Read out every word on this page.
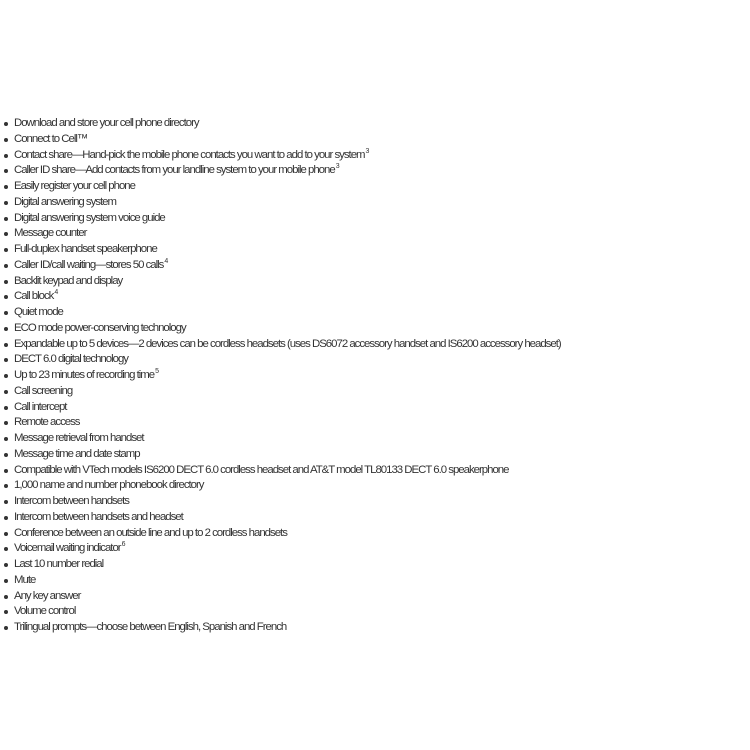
Download and store your cell phone directory
Connect to Cell™
Contact share—Hand-pick the mobile phone contacts you want to add to your system$^3$
Caller ID share—Add contacts from your landline system to your mobile phone$^3$
Easily register your cell phone
Digital answering system
Digital answering system voice guide
Message counter
Full-duplex handset speakerphone
Caller ID/call waiting—stores 50 calls$^4$
Backlit keypad and display
Call block$^4$
Quiet mode
ECO mode power-conserving technology
Expandable up to 5 devices—2 devices can be cordless headsets (uses DS6072 accessory handset and IS6200 accessory headset)
DECT 6.0 digital technology
Up to 23 minutes of recording time$^5$
Call screening
Call intercept
Remote access
Message retrieval from handset
Message time and date stamp
Compatible with VTech models IS6200 DECT 6.0 cordless headset and AT&T model TL80133 DECT 6.0 speakerphone
1,000 name and number phonebook directory
Intercom between handsets
Intercom between handsets and headset
Conference between an outside line and up to 2 cordless handsets
Voicemail waiting indicator$^6$
Last 10 number redial
Mute
Any key answer
Volume control
Trilingual prompts—choose between English, Spanish and French
